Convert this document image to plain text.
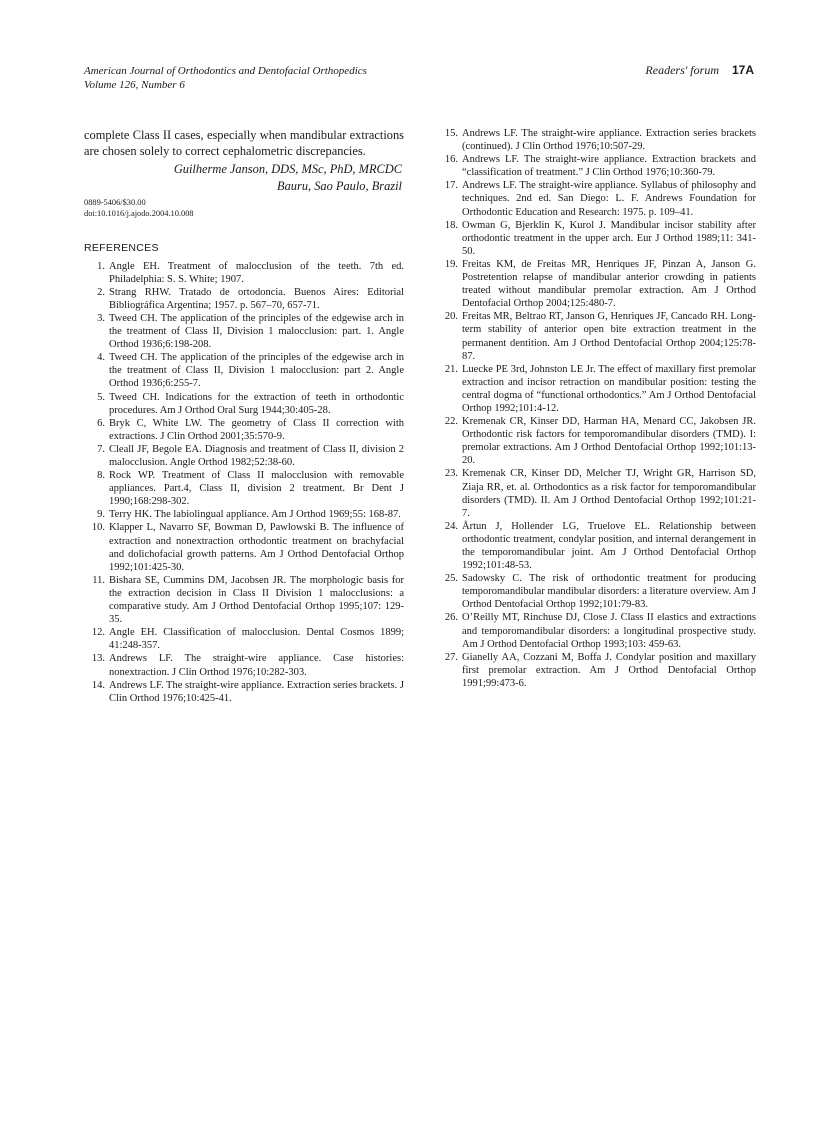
American Journal of Orthodontics and Dentofacial Orthopedics
Volume 126, Number 6
Readers' forum 17A

complete Class II cases, especially when mandibular extractions are chosen solely to correct cephalometric discrepancies.

Guilherme Janson, DDS, MSc, PhD, MRCDC
Bauru, Sao Paulo, Brazil
0889-5406/$30.00
doi:10.1016/j.ajodo.2004.10.008
REFERENCES
1. Angle EH. Treatment of malocclusion of the teeth. 7th ed. Philadelphia: S. S. White; 1907.
2. Strang RHW. Tratado de ortodoncia. Buenos Aires: Editorial Bibliográfica Argentina; 1957. p. 567–70, 657-71.
3. Tweed CH. The application of the principles of the edgewise arch in the treatment of Class II, Division 1 malocclusion: part. 1. Angle Orthod 1936;6:198-208.
4. Tweed CH. The application of the principles of the edgewise arch in the treatment of Class II, Division 1 malocclusion: part 2. Angle Orthod 1936;6:255-7.
5. Tweed CH. Indications for the extraction of teeth in orthodontic procedures. Am J Orthod Oral Surg 1944;30:405-28.
6. Bryk C, White LW. The geometry of Class II correction with extractions. J Clin Orthod 2001;35:570-9.
7. Cleall JF, Begole EA. Diagnosis and treatment of Class II, division 2 malocclusion. Angle Orthod 1982;52:38-60.
8. Rock WP. Treatment of Class II malocclusion with removable appliances. Part.4, Class II, division 2 treatment. Br Dent J 1990;168:298-302.
9. Terry HK. The labiolingual appliance. Am J Orthod 1969;55: 168-87.
10. Klapper L, Navarro SF, Bowman D, Pawlowski B. The influence of extraction and nonextraction orthodontic treatment on brachyfacial and dolichofacial growth patterns. Am J Orthod Dentofacial Orthop 1992;101:425-30.
11. Bishara SE, Cummins DM, Jacobsen JR. The morphologic basis for the extraction decision in Class II Division 1 malocclusions: a comparative study. Am J Orthod Dentofacial Orthop 1995;107: 129-35.
12. Angle EH. Classification of malocclusion. Dental Cosmos 1899; 41:248-357.
13. Andrews LF. The straight-wire appliance. Case histories: nonextraction. J Clin Orthod 1976;10:282-303.
14. Andrews LF. The straight-wire appliance. Extraction series brackets. J Clin Orthod 1976;10:425-41.
15. Andrews LF. The straight-wire appliance. Extraction series brackets (continued). J Clin Orthod 1976;10:507-29.
16. Andrews LF. The straight-wire appliance. Extraction brackets and “classification of treatment.” J Clin Orthod 1976;10:360-79.
17. Andrews LF. The straight-wire appliance. Syllabus of philosophy and techniques. 2nd ed. San Diego: L. F. Andrews Foundation for Orthodontic Education and Research: 1975. p. 109–41.
18. Owman G, Bjerklin K, Kurol J. Mandibular incisor stability after orthodontic treatment in the upper arch. Eur J Orthod 1989;11: 341-50.
19. Freitas KM, de Freitas MR, Henriques JF, Pinzan A, Janson G. Postretention relapse of mandibular anterior crowding in patients treated without mandibular premolar extraction. Am J Orthod Dentofacial Orthop 2004;125:480-7.
20. Freitas MR, Beltrao RT, Janson G, Henriques JF, Cancado RH. Long-term stability of anterior open bite extraction treatment in the permanent dentition. Am J Orthod Dentofacial Orthop 2004;125:78-87.
21. Luecke PE 3rd, Johnston LE Jr. The effect of maxillary first premolar extraction and incisor retraction on mandibular position: testing the central dogma of “functional orthodontics.” Am J Orthod Dentofacial Orthop 1992;101:4-12.
22. Kremenak CR, Kinser DD, Harman HA, Menard CC, Jakobsen JR. Orthodontic risk factors for temporomandibular disorders (TMD). I: premolar extractions. Am J Orthod Dentofacial Orthop 1992;101:13-20.
23. Kremenak CR, Kinser DD, Melcher TJ, Wright GR, Harrison SD, Ziaja RR, et. al. Orthodontics as a risk factor for temporomandibular disorders (TMD). II. Am J Orthod Dentofacial Orthop 1992;101:21-7.
24. Årtun J, Hollender LG, Truelove EL. Relationship between orthodontic treatment, condylar position, and internal derangement in the temporomandibular joint. Am J Orthod Dentofacial Orthop 1992;101:48-53.
25. Sadowsky C. The risk of orthodontic treatment for producing temporomandibular mandibular disorders: a literature overview. Am J Orthod Dentofacial Orthop 1992;101:79-83.
26. O’Reilly MT, Rinchuse DJ, Close J. Class II elastics and extractions and temporomandibular disorders: a longitudinal prospective study. Am J Orthod Dentofacial Orthop 1993;103: 459-63.
27. Gianelly AA, Cozzani M, Boffa J. Condylar position and maxillary first premolar extraction. Am J Orthod Dentofacial Orthop 1991;99:473-6.
